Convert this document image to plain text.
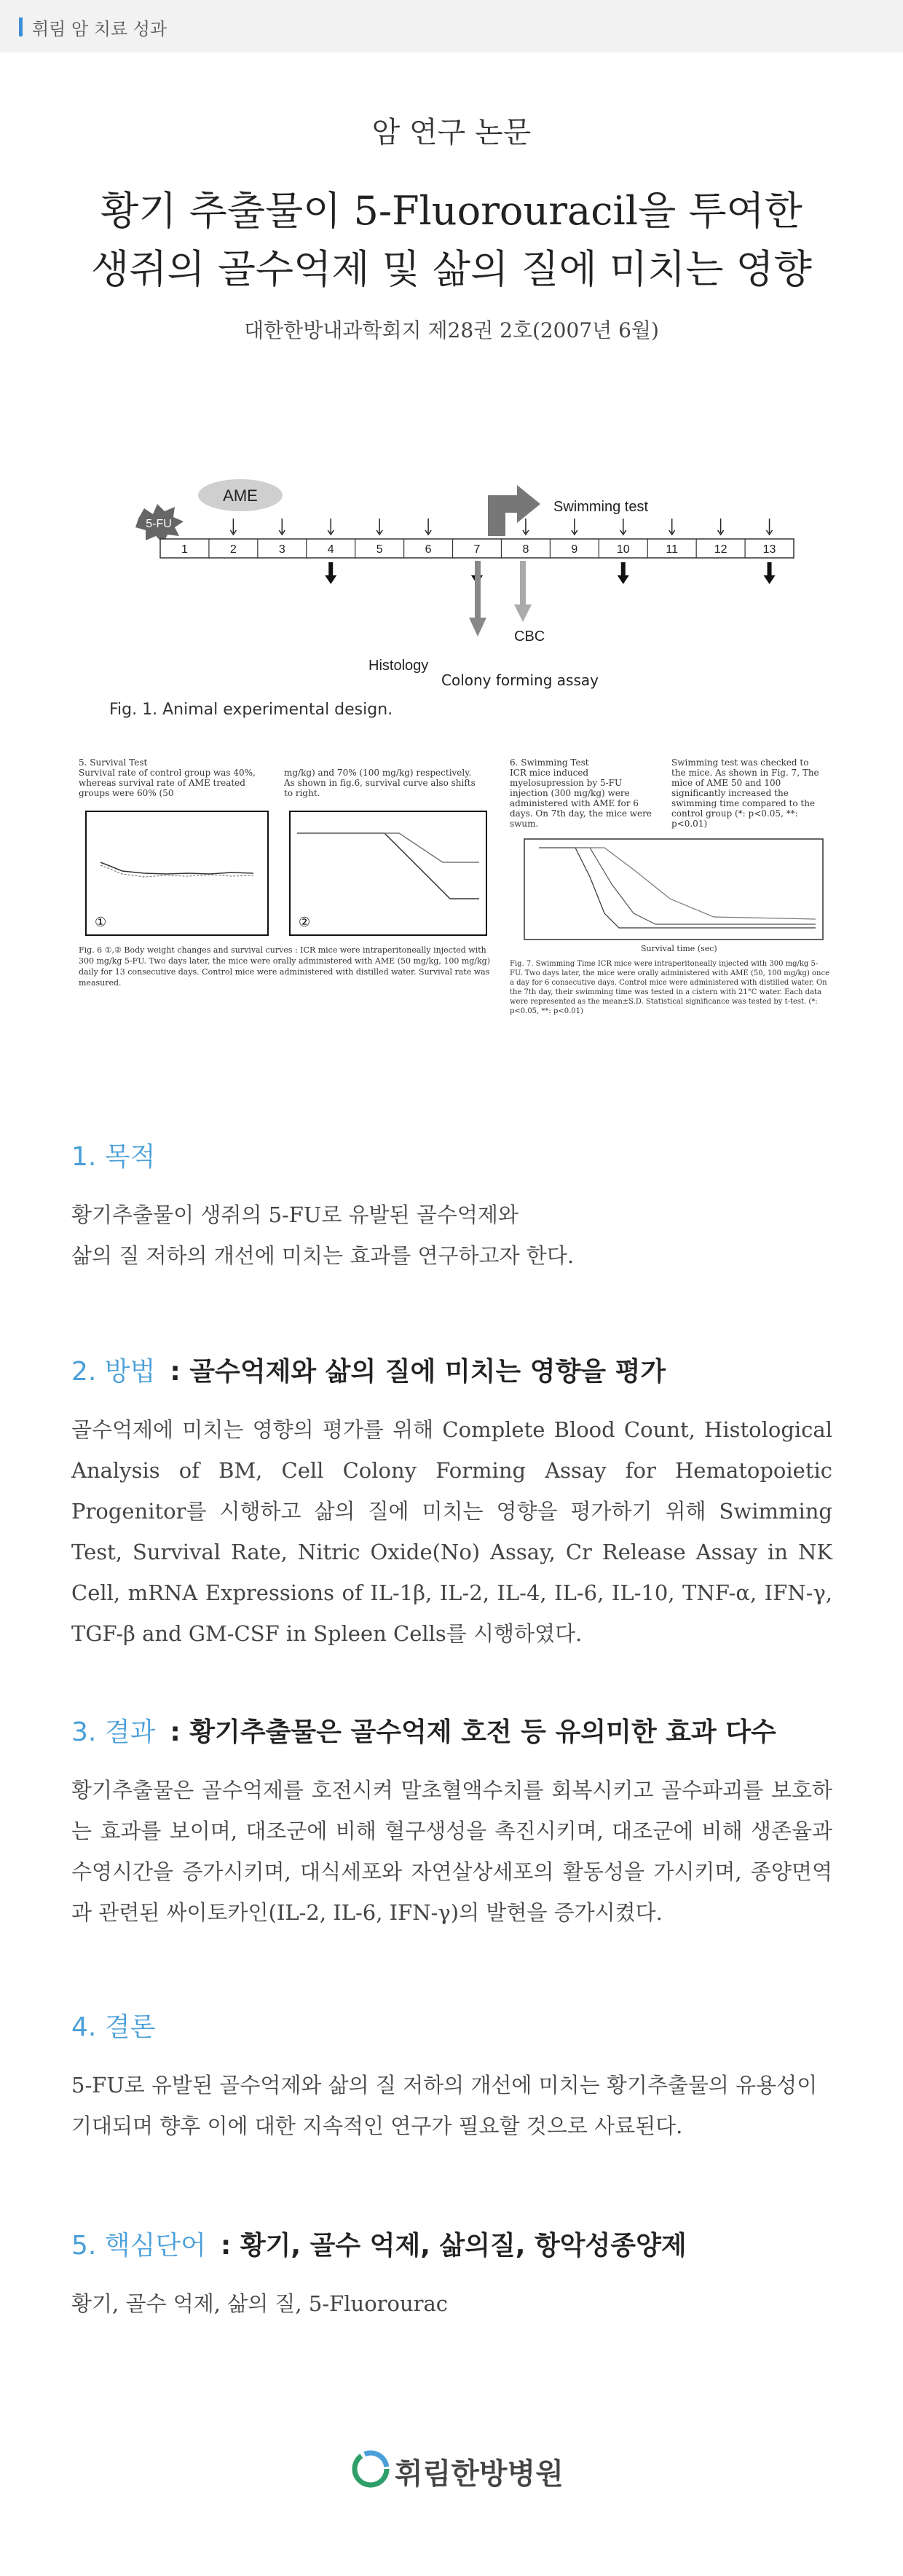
휘림 암 치료 성과
암 연구 논문
황기 추출물이 5-Fluorouracil을 투여한
생쥐의 골수억제 및 삶의 질에 미치는 영향
대한한방내과학회지 제28권 2호(2007년 6월)
5-FU
AME
Swimming test
1	2	3	4	5	6	7	8	9	10	11	12	13
CBC
Histology
Colony forming assay
Fig. 1. Animal experimental design.

5. Survival Test

Survival rate of control group was 40%, whereas survival rate of AME treated groups were 60% (50

mg/kg) and 70% (100 mg/kg) respectively. As shown in fig.6, survival curve also shifts to right.

①	②

Fig. 6 ①,② Body weight changes and survival curves : ICR mice were intraperitoneally injected with 300 mg/kg 5-FU. Two days later, the mice were orally administered with AME (50 mg/kg, 100 mg/kg) daily for 13 consecutive days. Control mice were administered with distilled water. Survival rate was measured.

6. Swimming Test

ICR mice induced myelosupression by 5-FU injection (300 mg/kg) were administered with AME for 6 days. On 7th day, the mice were swum.

Swimming test was checked to the mice. As shown in Fig. 7, The mice of AME 50 and 100 significantly increased the swimming time compared to the control group (*: p<0.05, **: p<0.01)

Survival time (sec)

Fig. 7. Swimming Time ICR mice were intraperitoneally injected with 300 mg/kg 5-FU. Two days later, the mice were orally administered with AME (50, 100 mg/kg) once a day for 6 consecutive days. Control mice were administered with distilled water. On the 7th day, their swimming time was tested in a cistern with 21°C water. Each data were represented as the mean±S.D. Statistical significance was tested by t-test. (*: p<0.05, **: p<0.01)

1. 목적
황기추출물이 생쥐의 5-FU로 유발된 골수억제와
삶의 질 저하의 개선에 미치는 효과를 연구하고자 한다.
2. 방법 : 골수억제와 삶의 질에 미치는 영향을 평가
골수억제에 미치는 영향의 평가를 위해 Complete Blood Count, Histological Analysis of BM, Cell Colony Forming Assay for Hematopoietic Progenitor를 시행하고 삶의 질에 미치는 영향을 평가하기 위해 Swimming Test, Survival Rate, Nitric Oxide(No) Assay, Cr Release Assay in NK Cell, mRNA Expressions of IL-1β, IL-2, IL-4, IL-6, IL-10, TNF-α, IFN-γ, TGF-β and GM-CSF in Spleen Cells를 시행하였다.
3. 결과 : 황기추출물은 골수억제 호전 등 유의미한 효과 다수
황기추출물은 골수억제를 호전시켜 말초혈액수치를 회복시키고 골수파괴를 보호하는 효과를 보이며, 대조군에 비해 혈구생성을 촉진시키며, 대조군에 비해 생존율과 수영시간을 증가시키며, 대식세포와 자연살상세포의 활동성을 가시키며, 종양면역과 관련된 싸이토카인(IL-2, IL-6, IFN-γ)의 발현을 증가시켰다.
4. 결론
5-FU로 유발된 골수억제와 삶의 질 저하의 개선에 미치는 황기추출물의 유용성이 기대되며 향후 이에 대한 지속적인 연구가 필요할 것으로 사료된다.
5. 핵심단어 : 황기, 골수 억제, 삶의질, 항악성종양제
황기, 골수 억제, 삶의 질, 5-Fluorourac
휘림한방병원
